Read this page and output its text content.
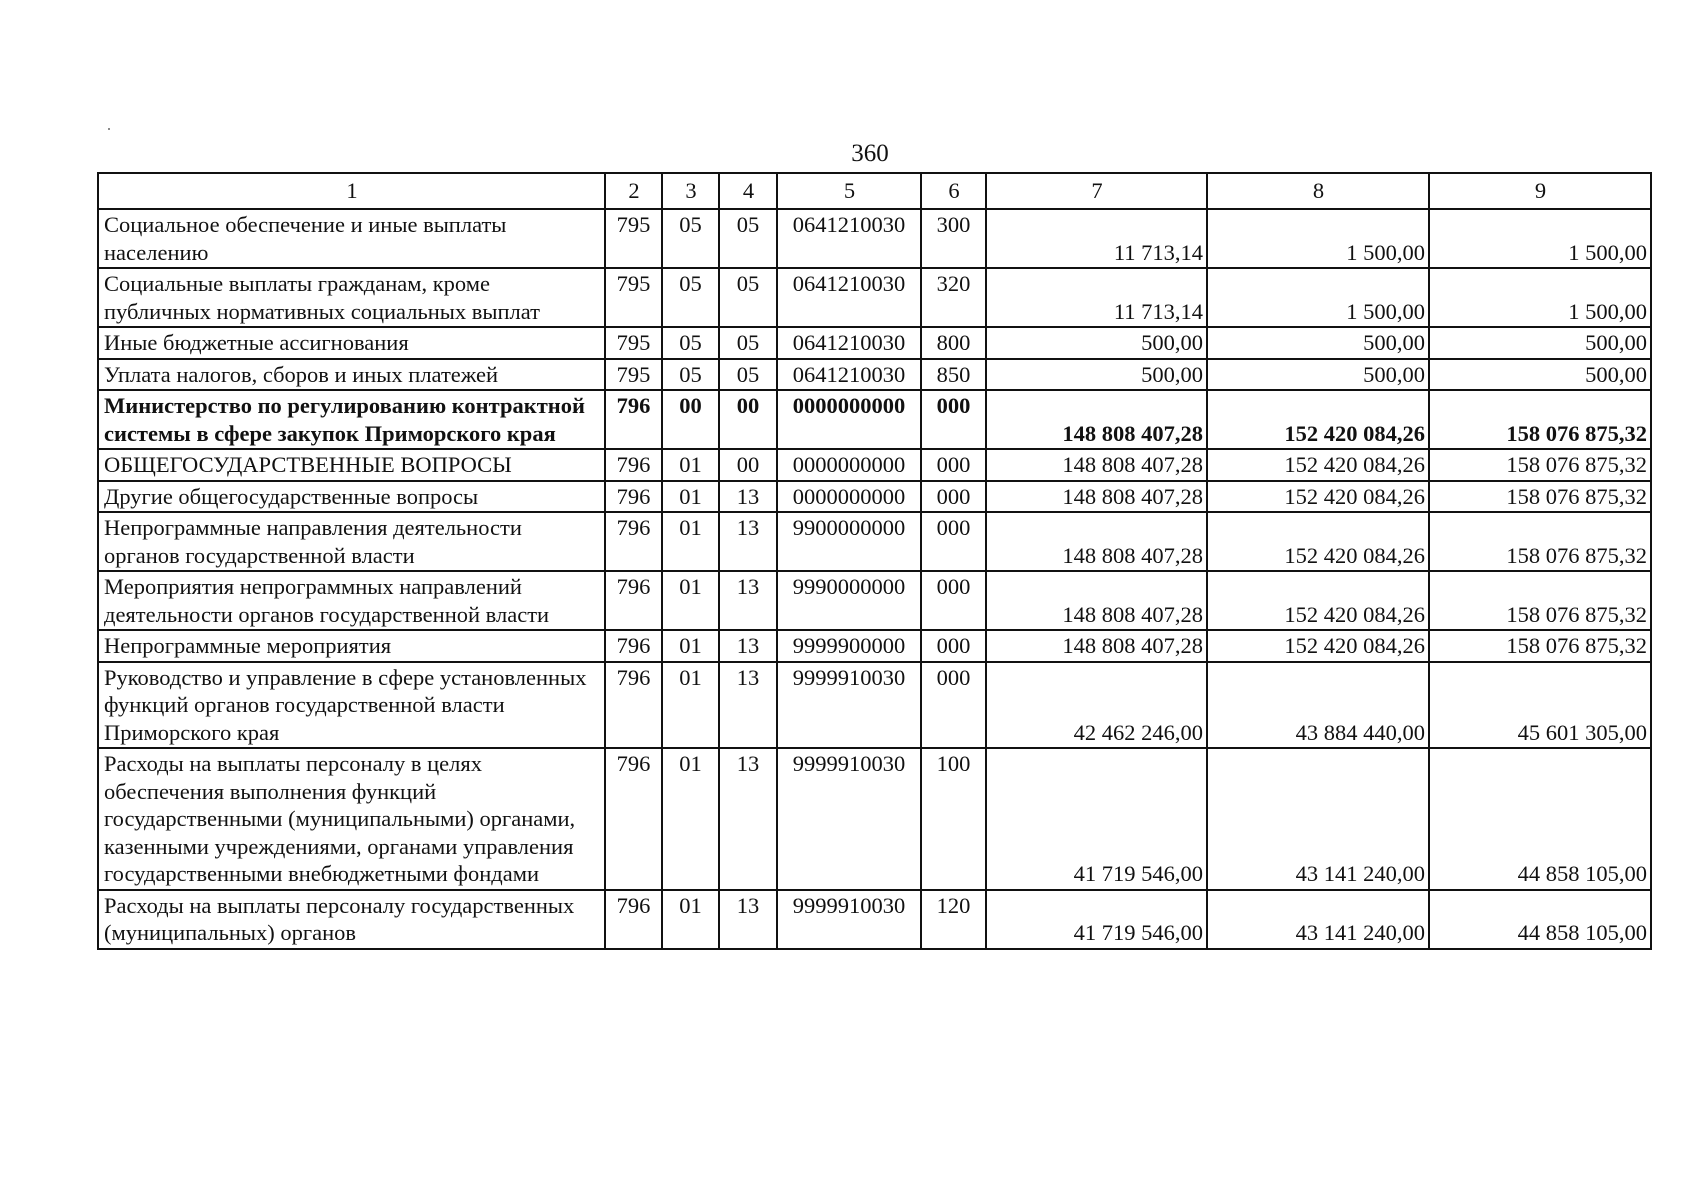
360
1	2	3	4	5	6	7	8	9
Социальное обеспечение и иные выплаты населению	795	05	05	0641210030	300	11 713,14	1 500,00	1 500,00
Социальные выплаты гражданам, кроме публичных нормативных социальных выплат	795	05	05	0641210030	320	11 713,14	1 500,00	1 500,00
Иные бюджетные ассигнования	795	05	05	0641210030	800	500,00	500,00	500,00
Уплата налогов, сборов и иных платежей	795	05	05	0641210030	850	500,00	500,00	500,00
Министерство по регулированию контрактной системы в сфере закупок Приморского края	796	00	00	0000000000	000	148 808 407,28	152 420 084,26	158 076 875,32
ОБЩЕГОСУДАРСТВЕННЫЕ ВОПРОСЫ	796	01	00	0000000000	000	148 808 407,28	152 420 084,26	158 076 875,32
Другие общегосударственные вопросы	796	01	13	0000000000	000	148 808 407,28	152 420 084,26	158 076 875,32
Непрограммные направления деятельности органов государственной власти	796	01	13	9900000000	000	148 808 407,28	152 420 084,26	158 076 875,32
Мероприятия непрограммных направлений деятельности органов государственной власти	796	01	13	9990000000	000	148 808 407,28	152 420 084,26	158 076 875,32
Непрограммные мероприятия	796	01	13	9999900000	000	148 808 407,28	152 420 084,26	158 076 875,32
Руководство и управление в сфере установленных функций органов государственной власти Приморского края	796	01	13	9999910030	000	42 462 246,00	43 884 440,00	45 601 305,00
Расходы на выплаты персоналу в целях обеспечения выполнения функций государственными (муниципальными) органами, казенными учреждениями, органами управления государственными внебюджетными фондами	796	01	13	9999910030	100	41 719 546,00	43 141 240,00	44 858 105,00
Расходы на выплаты персоналу государственных (муниципальных) органов	796	01	13	9999910030	120	41 719 546,00	43 141 240,00	44 858 105,00
